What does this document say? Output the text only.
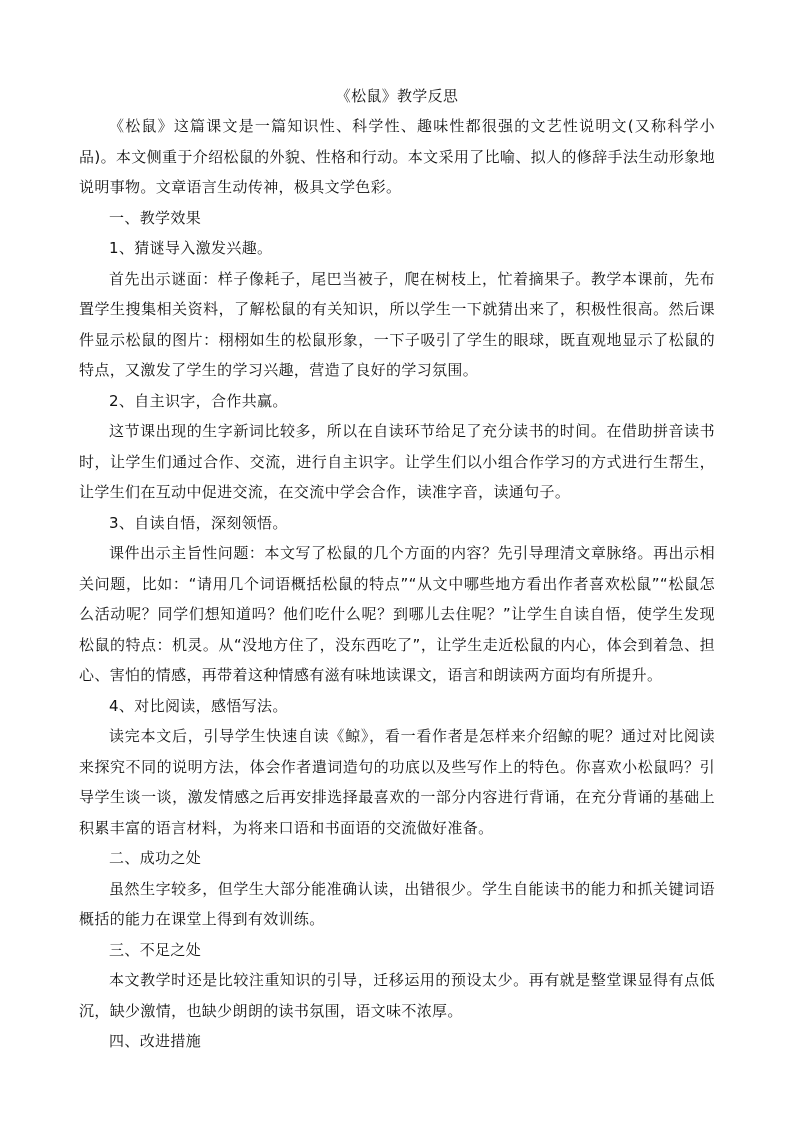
《松鼠》教学反思

《松鼠》这篇课文是一篇知识性、科学性、趣味性都很强的文艺性说明文(又称科学小品)。本文侧重于介绍松鼠的外貌、性格和行动。本文采用了比喻、拟人的修辞手法生动形象地说明事物。文章语言生动传神，极具文学色彩。

一、教学效果

1、猜谜导入激发兴趣。

首先出示谜面：样子像耗子，尾巴当被子，爬在树枝上，忙着摘果子。教学本课前，先布置学生搜集相关资料，了解松鼠的有关知识，所以学生一下就猜出来了，积极性很高。然后课件显示松鼠的图片：栩栩如生的松鼠形象，一下子吸引了学生的眼球，既直观地显示了松鼠的特点，又激发了学生的学习兴趣，营造了良好的学习氛围。

2、自主识字，合作共赢。

这节课出现的生字新词比较多，所以在自读环节给足了充分读书的时间。在借助拼音读书时，让学生们通过合作、交流，进行自主识字。让学生们以小组合作学习的方式进行生帮生，让学生们在互动中促进交流，在交流中学会合作，读准字音，读通句子。

3、自读自悟，深刻领悟。

课件出示主旨性问题：本文写了松鼠的几个方面的内容？先引导理清文章脉络。再出示相关问题，比如：“请用几个词语概括松鼠的特点”“从文中哪些地方看出作者喜欢松鼠”“松鼠怎么活动呢？同学们想知道吗？他们吃什么呢？到哪儿去住呢？”让学生自读自悟，使学生发现松鼠的特点：机灵。从“没地方住了，没东西吃了”，让学生走近松鼠的内心，体会到着急、担心、害怕的情感，再带着这种情感有滋有味地读课文，语言和朗读两方面均有所提升。

4、对比阅读，感悟写法。

读完本文后，引导学生快速自读《鲸》，看一看作者是怎样来介绍鲸的呢？通过对比阅读来探究不同的说明方法，体会作者遣词造句的功底以及些写作上的特色。你喜欢小松鼠吗？引导学生谈一谈，激发情感之后再安排选择最喜欢的一部分内容进行背诵，在充分背诵的基础上积累丰富的语言材料，为将来口语和书面语的交流做好准备。

二、成功之处

虽然生字较多，但学生大部分能准确认读，出错很少。学生自能读书的能力和抓关键词语概括的能力在课堂上得到有效训练。

三、不足之处

本文教学时还是比较注重知识的引导，迁移运用的预设太少。再有就是整堂课显得有点低沉，缺少激情，也缺少朗朗的读书氛围，语文味不浓厚。

四、改进措施
